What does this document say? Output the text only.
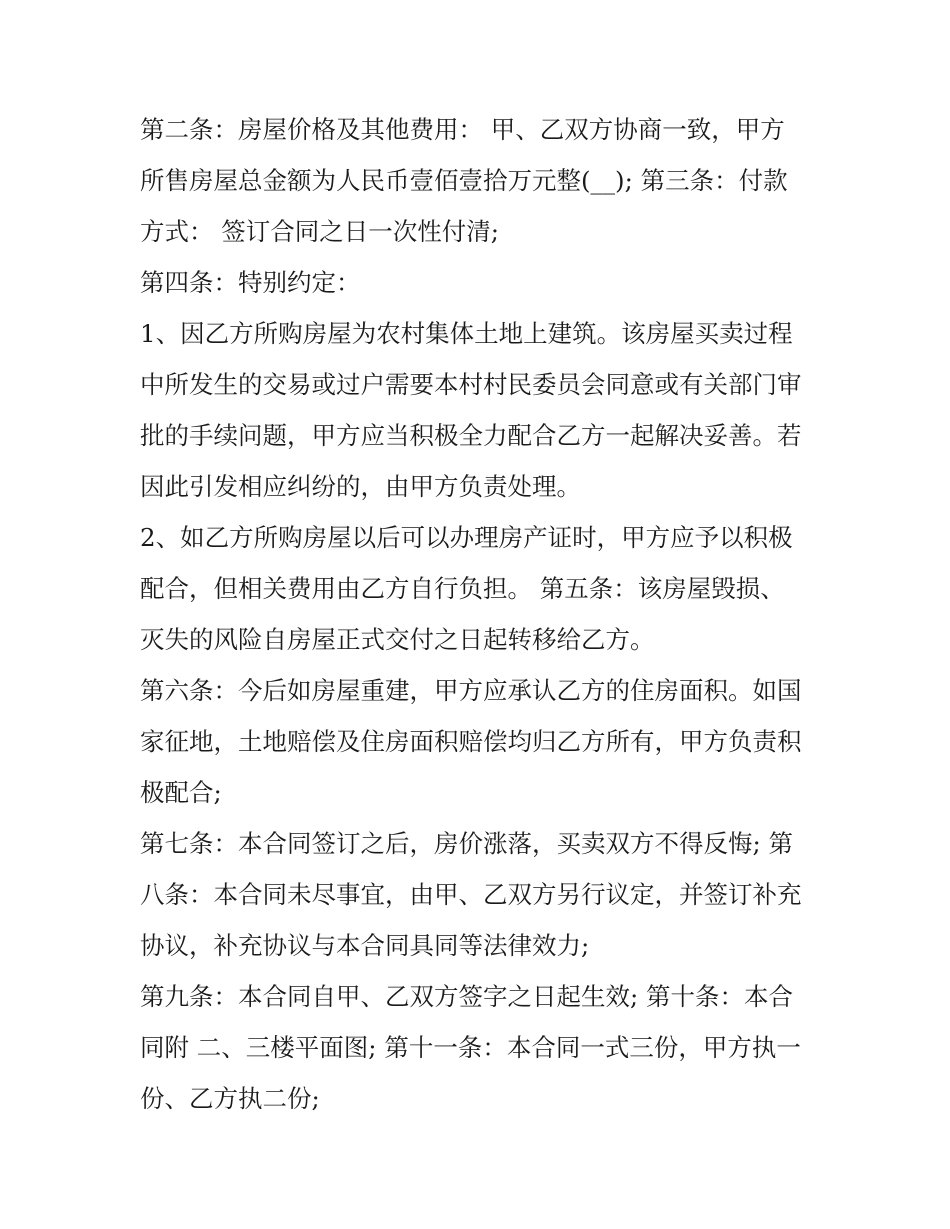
第二条：房屋价格及其他费用： 甲、乙双方协商一致，甲方
所售房屋总金额为人民币壹佰壹拾万元整(__); 第三条：付款
方式： 签订合同之日一次性付清;
第四条：特别约定：
1、因乙方所购房屋为农村集体土地上建筑。该房屋买卖过程
中所发生的交易或过户需要本村村民委员会同意或有关部门审
批的手续问题，甲方应当积极全力配合乙方一起解决妥善。若
因此引发相应纠纷的，由甲方负责处理。
2、如乙方所购房屋以后可以办理房产证时，甲方应予以积极
配合，但相关费用由乙方自行负担。 第五条：该房屋毁损、
灭失的风险自房屋正式交付之日起转移给乙方。
第六条：今后如房屋重建，甲方应承认乙方的住房面积。如国
家征地，土地赔偿及住房面积赔偿均归乙方所有，甲方负责积
极配合;
第七条：本合同签订之后，房价涨落，买卖双方不得反悔; 第
八条：本合同未尽事宜，由甲、乙双方另行议定，并签订补充
协议，补充协议与本合同具同等法律效力;
第九条：本合同自甲、乙双方签字之日起生效; 第十条：本合
同附 二、三楼平面图; 第十一条：本合同一式三份，甲方执一
份、乙方执二份;
